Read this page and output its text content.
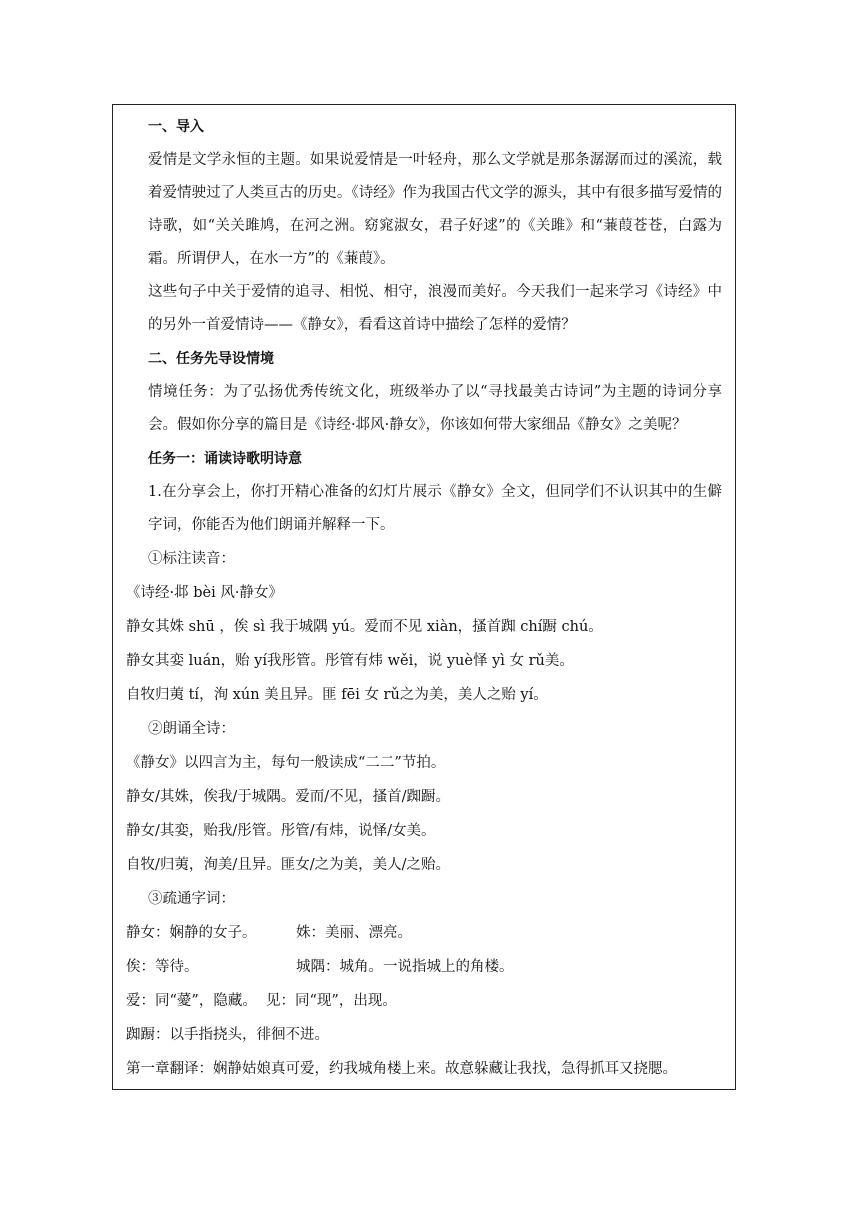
一、导入

爱情是文学永恒的主题。如果说爱情是一叶轻舟，那么文学就是那条潺潺而过的溪流，载着爱情驶过了人类亘古的历史。《诗经》作为我国古代文学的源头，其中有很多描写爱情的诗歌，如“关关雎鸠，在河之洲。窈窕淑女，君子好逑”的《关雎》和“蒹葭苍苍，白露为霜。所谓伊人，在水一方”的《蒹葭》。

这些句子中关于爱情的追寻、相悦、相守，浪漫而美好。今天我们一起来学习《诗经》中的另外一首爱情诗——《静女》，看看这首诗中描绘了怎样的爱情？

二、任务先导设情境

情境任务：为了弘扬优秀传统文化，班级举办了以“寻找最美古诗词”为主题的诗词分享会。假如你分享的篇目是《诗经·邶风·静女》，你该如何带大家细品《静女》之美呢？

任务一：诵读诗歌明诗意

1.在分享会上，你打开精心准备的幻灯片展示《静女》全文，但同学们不认识其中的生僻字词，你能否为他们朗诵并解释一下。

①标注读音：

《诗经·邶 bèi 风·静女》

静女其姝 shū ，俟 sì 我于城隅 yú。爱而不见 xiàn，搔首踟 chí蹰 chú。

静女其娈 luán，贻 yí我彤管。彤管有炜 wěi，说 yuè怿 yì 女 rǔ美。

自牧归荑 tí，洵 xún 美且异。匪 fēi 女 rǔ之为美，美人之贻 yí。

②朗诵全诗：

《静女》以四言为主，每句一般读成“二二”节拍。

静女/其姝，俟我/于城隅。爱而/不见，搔首/踟蹰。

静女/其娈，贻我/彤管。彤管/有炜，说怿/女美。

自牧/归荑，洵美/且异。匪女/之为美，美人/之贻。

③疏通字词：

静女：娴静的女子。	姝：美丽、漂亮。
俟：等待。	城隅：城角。一说指城上的角楼。
爱：同“薆”，隐藏。 见：同“现”，出现。

踟蹰：以手指挠头，徘徊不进。

第一章翻译：娴静姑娘真可爱，约我城角楼上来。故意躲藏让我找，急得抓耳又挠腮。
